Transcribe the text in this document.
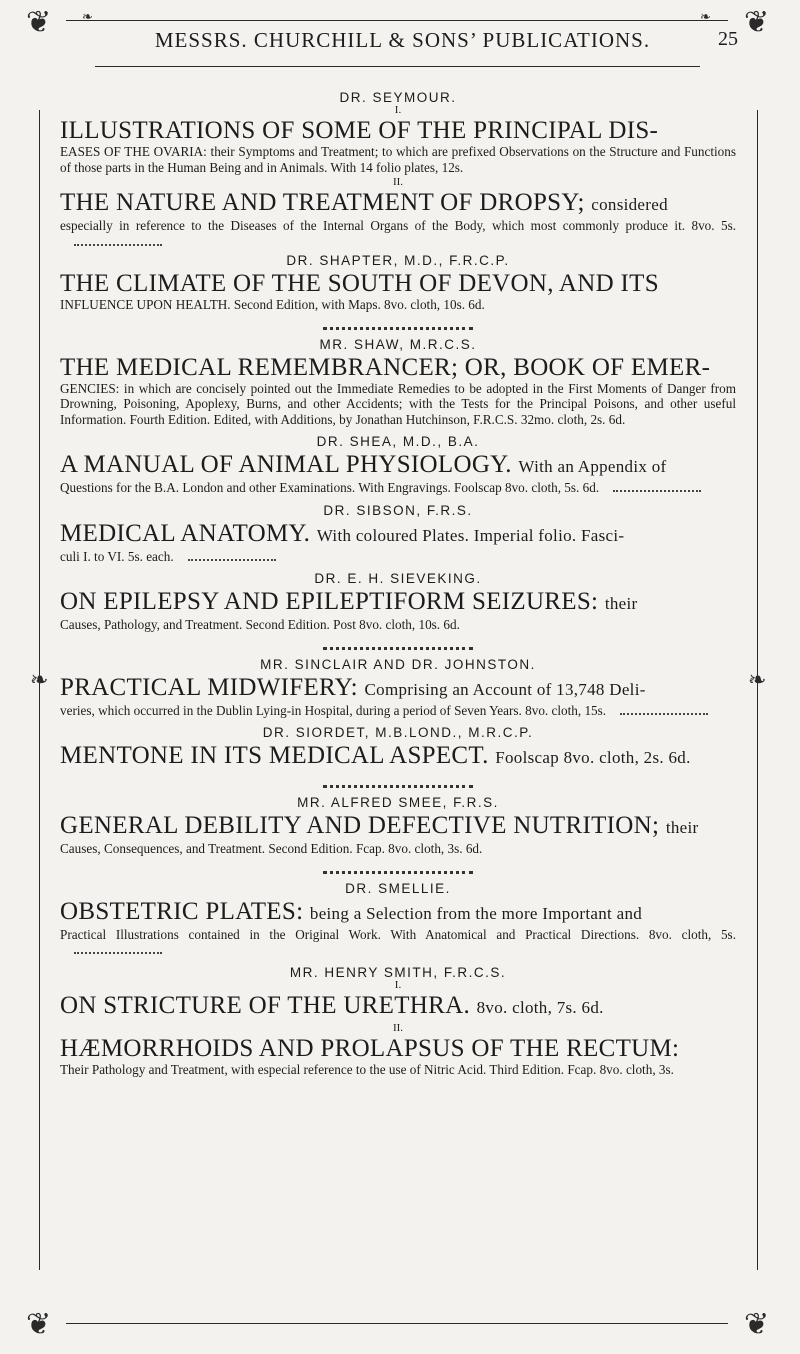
❦	❦
❦	❦
❧	❧
❧	❧
MESSRS. CHURCHILL & SONS’ PUBLICATIONS.	25
DR. SEYMOUR.
I.
ILLUSTRATIONS OF SOME OF THE PRINCIPAL DIS-
EASES OF THE OVARIA: their Symptoms and Treatment; to which are prefixed Observations on the Structure and Functions of those parts in the Human Being and in Animals. With 14 folio plates, 12s.
II.
THE NATURE AND TREATMENT OF DROPSY; considered
especially in reference to the Diseases of the Internal Organs of the Body, which most commonly produce it. 8vo. 5s.
DR. SHAPTER, M.D., F.R.C.P.
THE CLIMATE OF THE SOUTH OF DEVON, AND ITS
INFLUENCE UPON HEALTH. Second Edition, with Maps. 8vo. cloth, 10s. 6d.
MR. SHAW, M.R.C.S.
THE MEDICAL REMEMBRANCER; OR, BOOK OF EMER-
GENCIES: in which are concisely pointed out the Immediate Remedies to be adopted in the First Moments of Danger from Drowning, Poisoning, Apoplexy, Burns, and other Accidents; with the Tests for the Principal Poisons, and other useful Information. Fourth Edition. Edited, with Additions, by Jonathan Hutchinson, F.R.C.S. 32mo. cloth, 2s. 6d.
DR. SHEA, M.D., B.A.
A MANUAL OF ANIMAL PHYSIOLOGY. With an Appendix of
Questions for the B.A. London and other Examinations. With Engravings. Foolscap 8vo. cloth, 5s. 6d.
DR. SIBSON, F.R.S.
MEDICAL ANATOMY. With coloured Plates. Imperial folio. Fasci-
culi I. to VI. 5s. each.
DR. E. H. SIEVEKING.
ON EPILEPSY AND EPILEPTIFORM SEIZURES: their
Causes, Pathology, and Treatment. Second Edition. Post 8vo. cloth, 10s. 6d.
MR. SINCLAIR AND DR. JOHNSTON.
PRACTICAL MIDWIFERY: Comprising an Account of 13,748 Deli-
veries, which occurred in the Dublin Lying-in Hospital, during a period of Seven Years. 8vo. cloth, 15s.
DR. SIORDET, M.B.LOND., M.R.C.P.
MENTONE IN ITS MEDICAL ASPECT. Foolscap 8vo. cloth, 2s. 6d.
MR. ALFRED SMEE, F.R.S.
GENERAL DEBILITY AND DEFECTIVE NUTRITION; their
Causes, Consequences, and Treatment. Second Edition. Fcap. 8vo. cloth, 3s. 6d.
DR. SMELLIE.
OBSTETRIC PLATES: being a Selection from the more Important and
Practical Illustrations contained in the Original Work. With Anatomical and Practical Directions. 8vo. cloth, 5s.
MR. HENRY SMITH, F.R.C.S.
I.
ON STRICTURE OF THE URETHRA. 8vo. cloth, 7s. 6d.
II.
HÆMORRHOIDS AND PROLAPSUS OF THE RECTUM:
Their Pathology and Treatment, with especial reference to the use of Nitric Acid. Third Edition. Fcap. 8vo. cloth, 3s.
